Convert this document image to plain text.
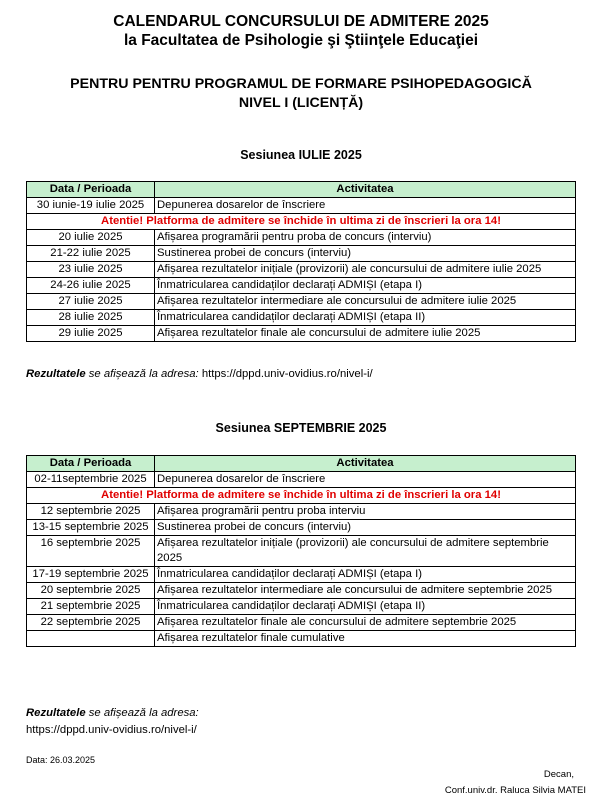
CALENDARUL CONCURSULUI DE ADMITERE 2025
la Facultatea de Psihologie şi Ştiinţele Educaţiei
PENTRU PENTRU PROGRAMUL DE FORMARE PSIHOPEDAGOGICĂ
NIVEL I (LICENȚĂ)
Sesiunea IULIE 2025
Data / Perioada	Activitatea
30 iunie-19 iulie 2025	Depunerea dosarelor de înscriere
Atentie! Platforma de admitere se închide în ultima zi de înscrieri la ora 14!	
20 iulie 2025	Afișarea programării pentru proba de concurs (interviu)
21-22 iulie 2025	Sustinerea probei de concurs (interviu)
23 iulie 2025	Afișarea rezultatelor inițiale (provizorii) ale concursului de admitere iulie 2025
24-26 iulie 2025	Înmatricularea candidaților declarați ADMIȘI (etapa I)
27 iulie 2025	Afișarea rezultatelor intermediare ale concursului de admitere iulie 2025
28 iulie 2025	Înmatricularea candidaților declarați ADMIȘI (etapa II)
29 iulie 2025	Afișarea rezultatelor finale ale concursului de admitere iulie 2025
Rezultatele se afișează la adresa: https://dppd.univ-ovidius.ro/nivel-i/
Sesiunea SEPTEMBRIE 2025
Data / Perioada	Activitatea
02-11septembrie 2025	Depunerea dosarelor de înscriere
Atentie! Platforma de admitere se închide în ultima zi de înscrieri la ora 14!	
12 septembrie 2025	Afișarea programării pentru proba interviu
13-15 septembrie 2025	Sustinerea probei de concurs (interviu)
16 septembrie 2025	Afișarea rezultatelor inițiale (provizorii) ale concursului de admitere septembrie 2025
17-19 septembrie 2025	Înmatricularea candidaților declarați ADMIȘI (etapa I)
20 septembrie 2025	Afișarea rezultatelor intermediare ale concursului de admitere septembrie 2025
21 septembrie 2025	Înmatricularea candidaților declarați ADMIȘI (etapa II)
22 septembrie 2025	Afișarea rezultatelor finale ale concursului de admitere septembrie 2025
	Afișarea rezultatelor finale cumulative
Rezultatele se afișează la adresa:
https://dppd.univ-ovidius.ro/nivel-i/
Data: 26.03.2025
Decan,
Conf.univ.dr. Raluca Silvia MATEI
